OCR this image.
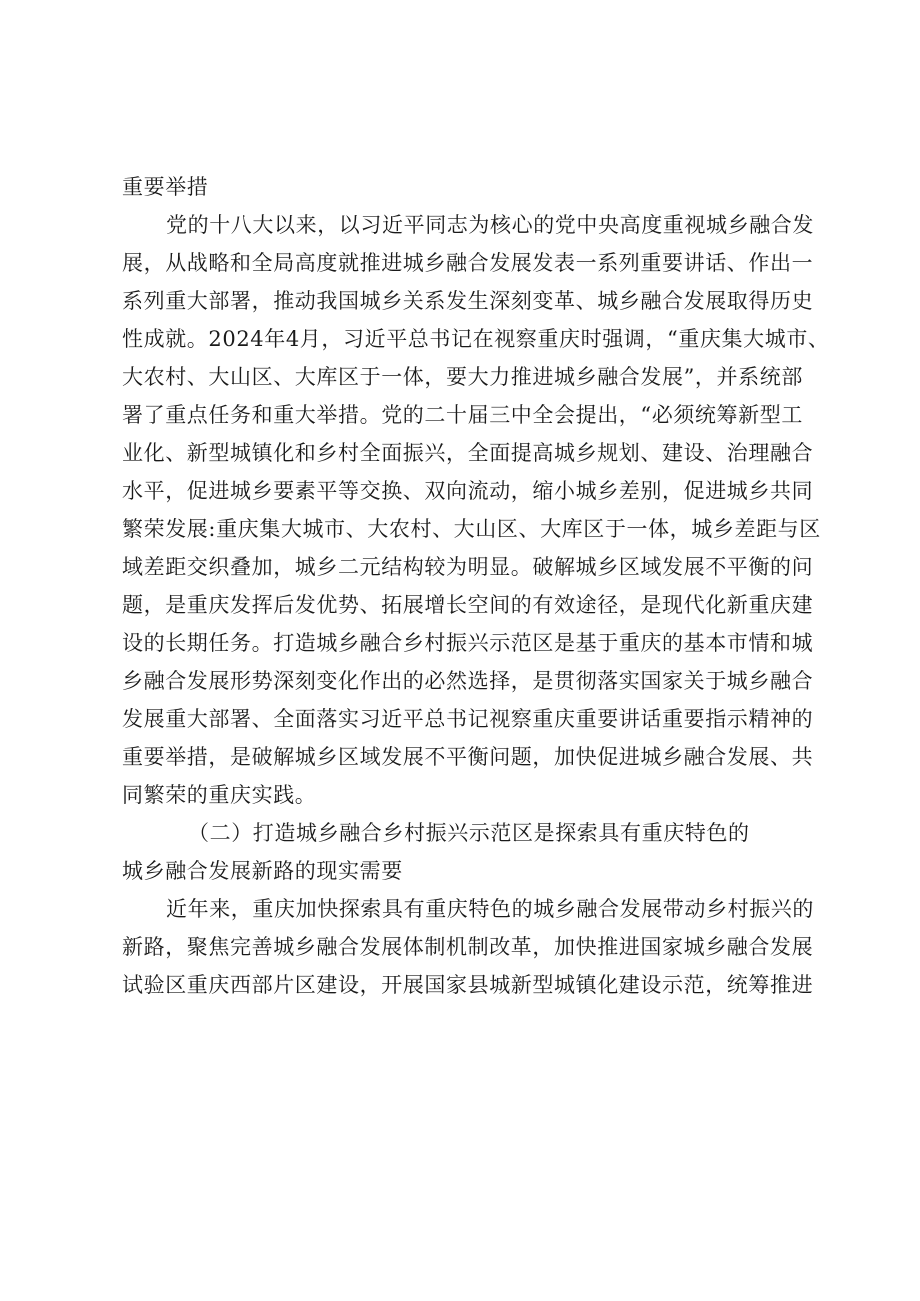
重要举措
党的十八大以来，以习近平同志为核心的党中央高度重视城乡融合发
展，从战略和全局高度就推进城乡融合发展发表一系列重要讲话、作出一
系列重大部署，推动我国城乡关系发生深刻变革、城乡融合发展取得历史
性成就。2024年4月，习近平总书记在视察重庆时强调，“重庆集大城市、
大农村、大山区、大库区于一体，要大力推进城乡融合发展”，并系统部
署了重点任务和重大举措。党的二十届三中全会提出，“必须统筹新型工
业化、新型城镇化和乡村全面振兴，全面提高城乡规划、建设、治理融合
水平，促进城乡要素平等交换、双向流动，缩小城乡差别，促进城乡共同
繁荣发展:重庆集大城市、大农村、大山区、大库区于一体，城乡差距与区
域差距交织叠加，城乡二元结构较为明显。破解城乡区域发展不平衡的问
题，是重庆发挥后发优势、拓展增长空间的有效途径，是现代化新重庆建
设的长期任务。打造城乡融合乡村振兴示范区是基于重庆的基本市情和城
乡融合发展形势深刻变化作出的必然选择，是贯彻落实国家关于城乡融合
发展重大部署、全面落实习近平总书记视察重庆重要讲话重要指示精神的
重要举措，是破解城乡区域发展不平衡问题，加快促进城乡融合发展、共
同繁荣的重庆实践。
（二）打造城乡融合乡村振兴示范区是探索具有重庆特色的
城乡融合发展新路的现实需要
近年来，重庆加快探索具有重庆特色的城乡融合发展带动乡村振兴的
新路，聚焦完善城乡融合发展体制机制改革，加快推进国家城乡融合发展
试验区重庆西部片区建设，开展国家县城新型城镇化建设示范，统筹推进
